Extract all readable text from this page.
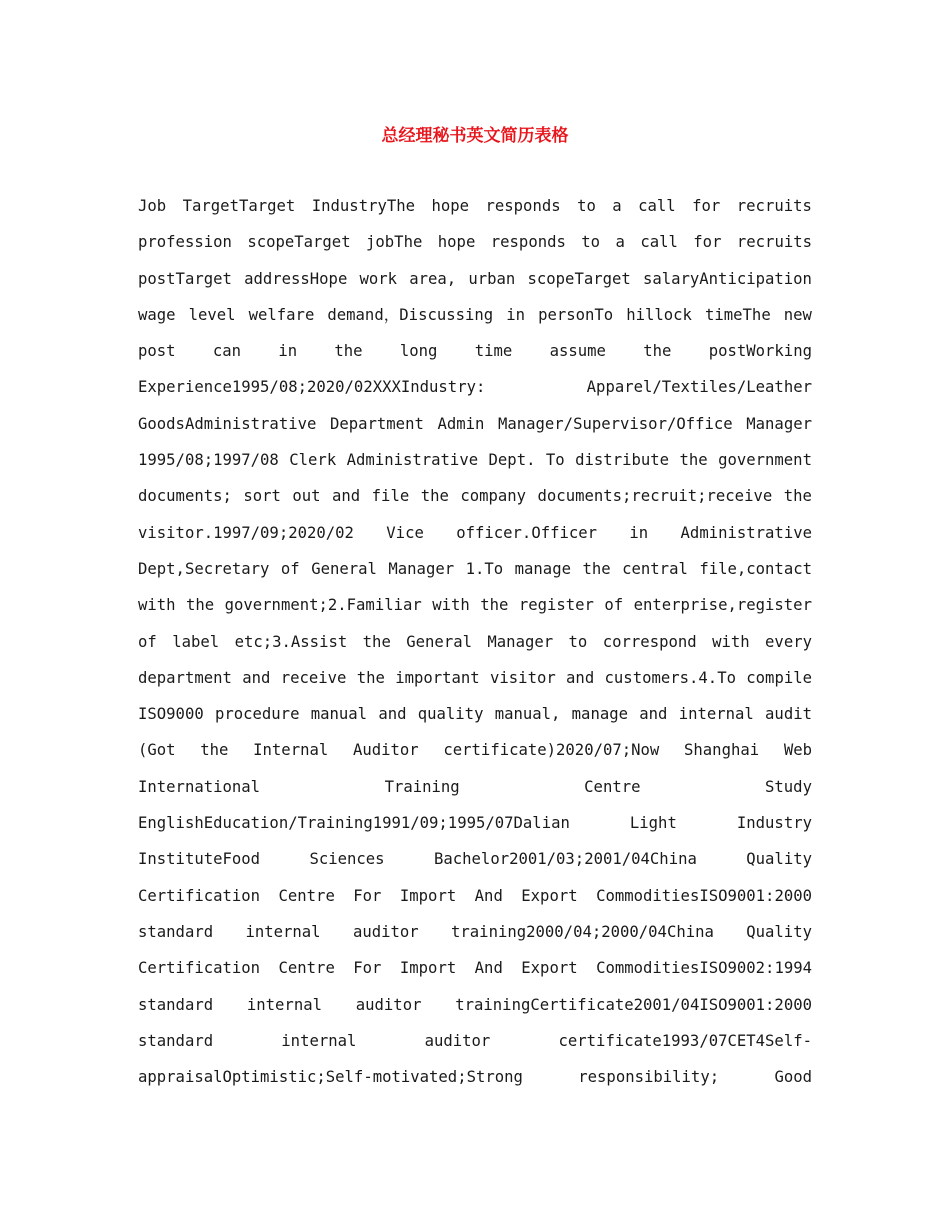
总经理秘书英文简历表格
Job TargetTarget IndustryThe hope responds to a call for recruits
profession scopeTarget jobThe hope responds to a call for recruits
postTarget addressHope work area, urban scopeTarget salaryAnticipation
wage level welfare demand，Discussing in personTo hillock timeThe new
post can in the long time assume the postWorking
Experience1995/08;2020/02XXXIndustry:	Apparel/Textiles/Leather
GoodsAdministrative Department Admin Manager/Supervisor/Office Manager
1995/08;1997/08 Clerk Administrative Dept. To distribute the government
documents; sort out and file the company documents;recruit;receive the
visitor.1997/09;2020/02 Vice officer.Officer in Administrative
Dept,Secretary of General Manager 1.To manage the central file,contact
with the government;2.Familiar with the register of enterprise,register
of label etc;3.Assist the General Manager to correspond with every
department and receive the important visitor and customers.4.To compile
ISO9000 procedure manual and quality manual, manage and internal audit
(Got the Internal Auditor certificate)2020/07;Now Shanghai Web
International	Training	Centre	Study
EnglishEducation/Training1991/09;1995/07Dalian	Light	Industry
InstituteFood	Sciences	Bachelor2001/03;2001/04China	Quality
Certification Centre For Import And Export CommoditiesISO9001:2000
standard internal auditor training2000/04;2000/04China Quality
Certification Centre For Import And Export CommoditiesISO9002:1994
standard internal auditor trainingCertificate2001/04ISO9001:2000
standard	internal	auditor	certificate1993/07CET4Self-
appraisalOptimistic;Self-motivated;Strong	responsibility;	Good
